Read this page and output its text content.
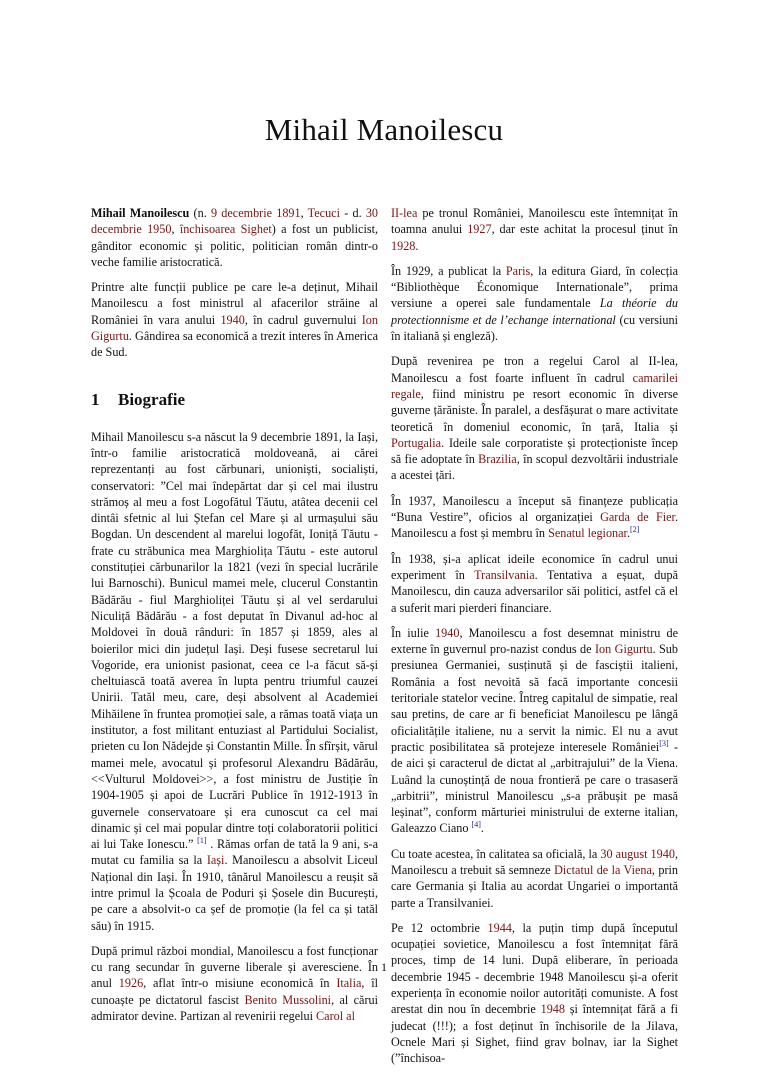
Mihail Manoilescu

Mihail Manoilescu (n. 9 decembrie 1891, Tecuci - d. 30 decembrie 1950, închisoarea Sighet) a fost un publicist, gânditor economic și politic, politician român dintr-o veche familie aristocratică.

Printre alte funcții publice pe care le-a deținut, Mihail Manoilescu a fost ministrul al afacerilor străine al României în vara anului 1940, în cadrul guvernului Ion Gigurtu. Gândirea sa economică a trezit interes în America de Sud.

1 Biografie

Mihail Manoilescu s-a născut la 9 decembrie 1891, la Iași, într-o familie aristocratică moldoveană, ai cărei reprezentanți au fost cărbunari, unioniști, socialiști, conservatori: ”Cel mai îndepărtat dar și cel mai ilustru strămoș al meu a fost Logofătul Tăutu, atâtea decenii cel dintâi sfetnic al lui Ștefan cel Mare și al urmașului său Bogdan. Un descendent al marelui logofăt, Ioniță Tăutu - frate cu străbunica mea Marghiolița Tăutu - este autorul constituției cărbunarilor la 1821 (vezi în special lucrările lui Barnoschi). Bunicul mamei mele, clucerul Constantin Bădărău - fiul Marghioliței Tăutu și al vel serdarului Niculiță Bădărău - a fost deputat în Divanul ad-hoc al Moldovei în două rânduri: în 1857 și 1859, ales al boierilor mici din județul Iași. Deși fusese secretarul lui Vogoride, era unionist pasionat, ceea ce l-a făcut să-și cheltuiască toată averea în lupta pentru triumful cauzei Unirii. Tatăl meu, care, deși absolvent al Academiei Mihăilene în fruntea promoției sale, a rămas toată viața un institutor, a fost militant entuziast al Partidului Socialist, prieten cu Ion Nădejde și Constantin Mille. În sfîrșit, vărul mamei mele, avocatul și profesorul Alexandru Bădărău, <<Vulturul Moldovei>>, a fost ministru de Justiție în 1904-1905 și apoi de Lucrări Publice în 1912-1913 în guvernele conservatoare și era cunoscut ca cel mai dinamic și cel mai popular dintre toți colaboratorii politici ai lui Take Ionescu.” [1] . Rămas orfan de tată la 9 ani, s-a mutat cu familia sa la Iași. Manoilescu a absolvit Liceul Național din Iași. În 1910, tânărul Manoilescu a reușit să intre primul la Școala de Poduri și Șosele din București, pe care a absolvit-o ca șef de promoție (la fel ca și tatăl său) în 1915.

După primul război mondial, Manoilescu a fost funcționar cu rang secundar în guverne liberale și averesciene. În anul 1926, aflat într-o misiune economică în Italia, îl cunoaște pe dictatorul fascist Benito Mussolini, al cărui admirator devine. Partizan al revenirii regelui Carol al

II-lea pe tronul României, Manoilescu este întemnițat în toamna anului 1927, dar este achitat la procesul ținut în 1928.

În 1929, a publicat la Paris, la editura Giard, în colecția “Bibliothèque Économique Internationale”, prima versiune a operei sale fundamentale La théorie du protectionnisme et de l’echange international (cu versiuni în italiană și engleză).

După revenirea pe tron a regelui Carol al II-lea, Manoilescu a fost foarte influent în cadrul camarilei regale, fiind ministru pe resort economic în diverse guverne țărăniste. În paralel, a desfășurat o mare activitate teoretică în domeniul economic, în țară, Italia și Portugalia. Ideile sale corporatiste și protecționiste încep să fie adoptate în Brazilia, în scopul dezvoltării industriale a acestei țări.

În 1937, Manoilescu a început să finanțeze publicația “Buna Vestire”, oficios al organizației Garda de Fier. Manoilescu a fost și membru în Senatul legionar.[2]

În 1938, și-a aplicat ideile economice în cadrul unui experiment în Transilvania. Tentativa a eșuat, după Manoilescu, din cauza adversarilor săi politici, astfel că el a suferit mari pierderi financiare.

În iulie 1940, Manoilescu a fost desemnat ministru de externe în guvernul pro-nazist condus de Ion Gigurtu. Sub presiunea Germaniei, susținută și de fasciștii italieni, România a fost nevoită să facă importante concesii teritoriale statelor vecine. Întreg capitalul de simpatie, real sau pretins, de care ar fi beneficiat Manoilescu pe lângă oficialitățile italiene, nu a servit la nimic. El nu a avut practic posibilitatea să protejeze interesele României[3] - de aici și caracterul de dictat al „arbitrajului” de la Viena. Luând la cunoștință de noua frontieră pe care o trasaseră „arbitrii”, ministrul Manoilescu „s-a prăbușit pe masă leșinat”, conform mărturiei ministrului de externe italian, Galeazzo Ciano [4].

Cu toate acestea, în calitatea sa oficială, la 30 august 1940, Manoilescu a trebuit să semneze Dictatul de la Viena, prin care Germania și Italia au acordat Ungariei o importantă parte a Transilvaniei.

Pe 12 octombrie 1944, la puțin timp după începutul ocupației sovietice, Manoilescu a fost întemnițat fără proces, timp de 14 luni. După eliberare, în perioada decembrie 1945 - decembrie 1948 Manoilescu și-a oferit experiența în economie noilor autorități comuniste. A fost arestat din nou în decembrie 1948 și întemnițat fără a fi judecat (!!!); a fost deținut în închisorile de la Jilava, Ocnele Mari și Sighet, fiind grav bolnav, iar la Sighet (”închisoa-

1
